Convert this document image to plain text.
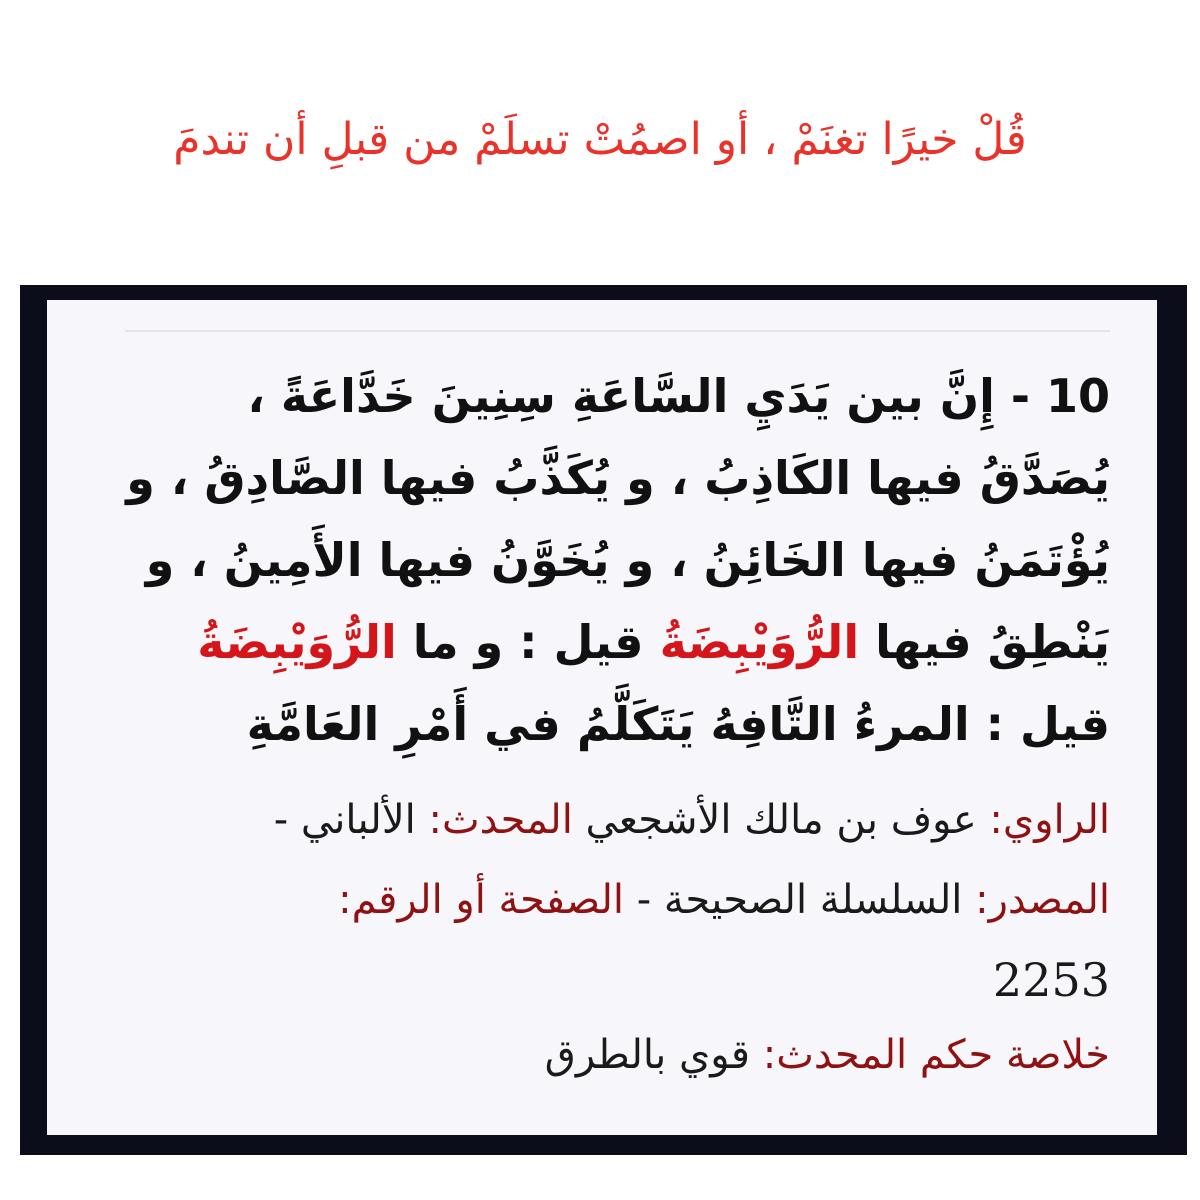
قُلْ خيرًا تغنَمْ ، أو اصمُتْ تسلَمْ من قبلِ أن تندمَ
10 - إِنَّ بين يَدَيِ السَّاعَةِ سِنِينَ خَدَّاعَةً ، يُصَدَّقُ فيها الكَاذِبُ ، و يُكَذَّبُ فيها الصَّادِقُ ، و يُؤْتَمَنُ فيها الخَائِنُ ، و يُخَوَّنُ فيها الأَمِينُ ، و يَنْطِقُ فيها الرُّوَيْبِضَةُ قيل : و ما الرُّوَيْبِضَةُ قيل : المرءُ التَّافِهُ يَتَكَلَّمُ في أَمْرِ العَامَّةِ
الراوي: عوف بن مالك الأشجعي المحدث: الألباني -
المصدر: السلسلة الصحيحة - الصفحة أو الرقم:
2253
خلاصة حكم المحدث: قوي بالطرق
